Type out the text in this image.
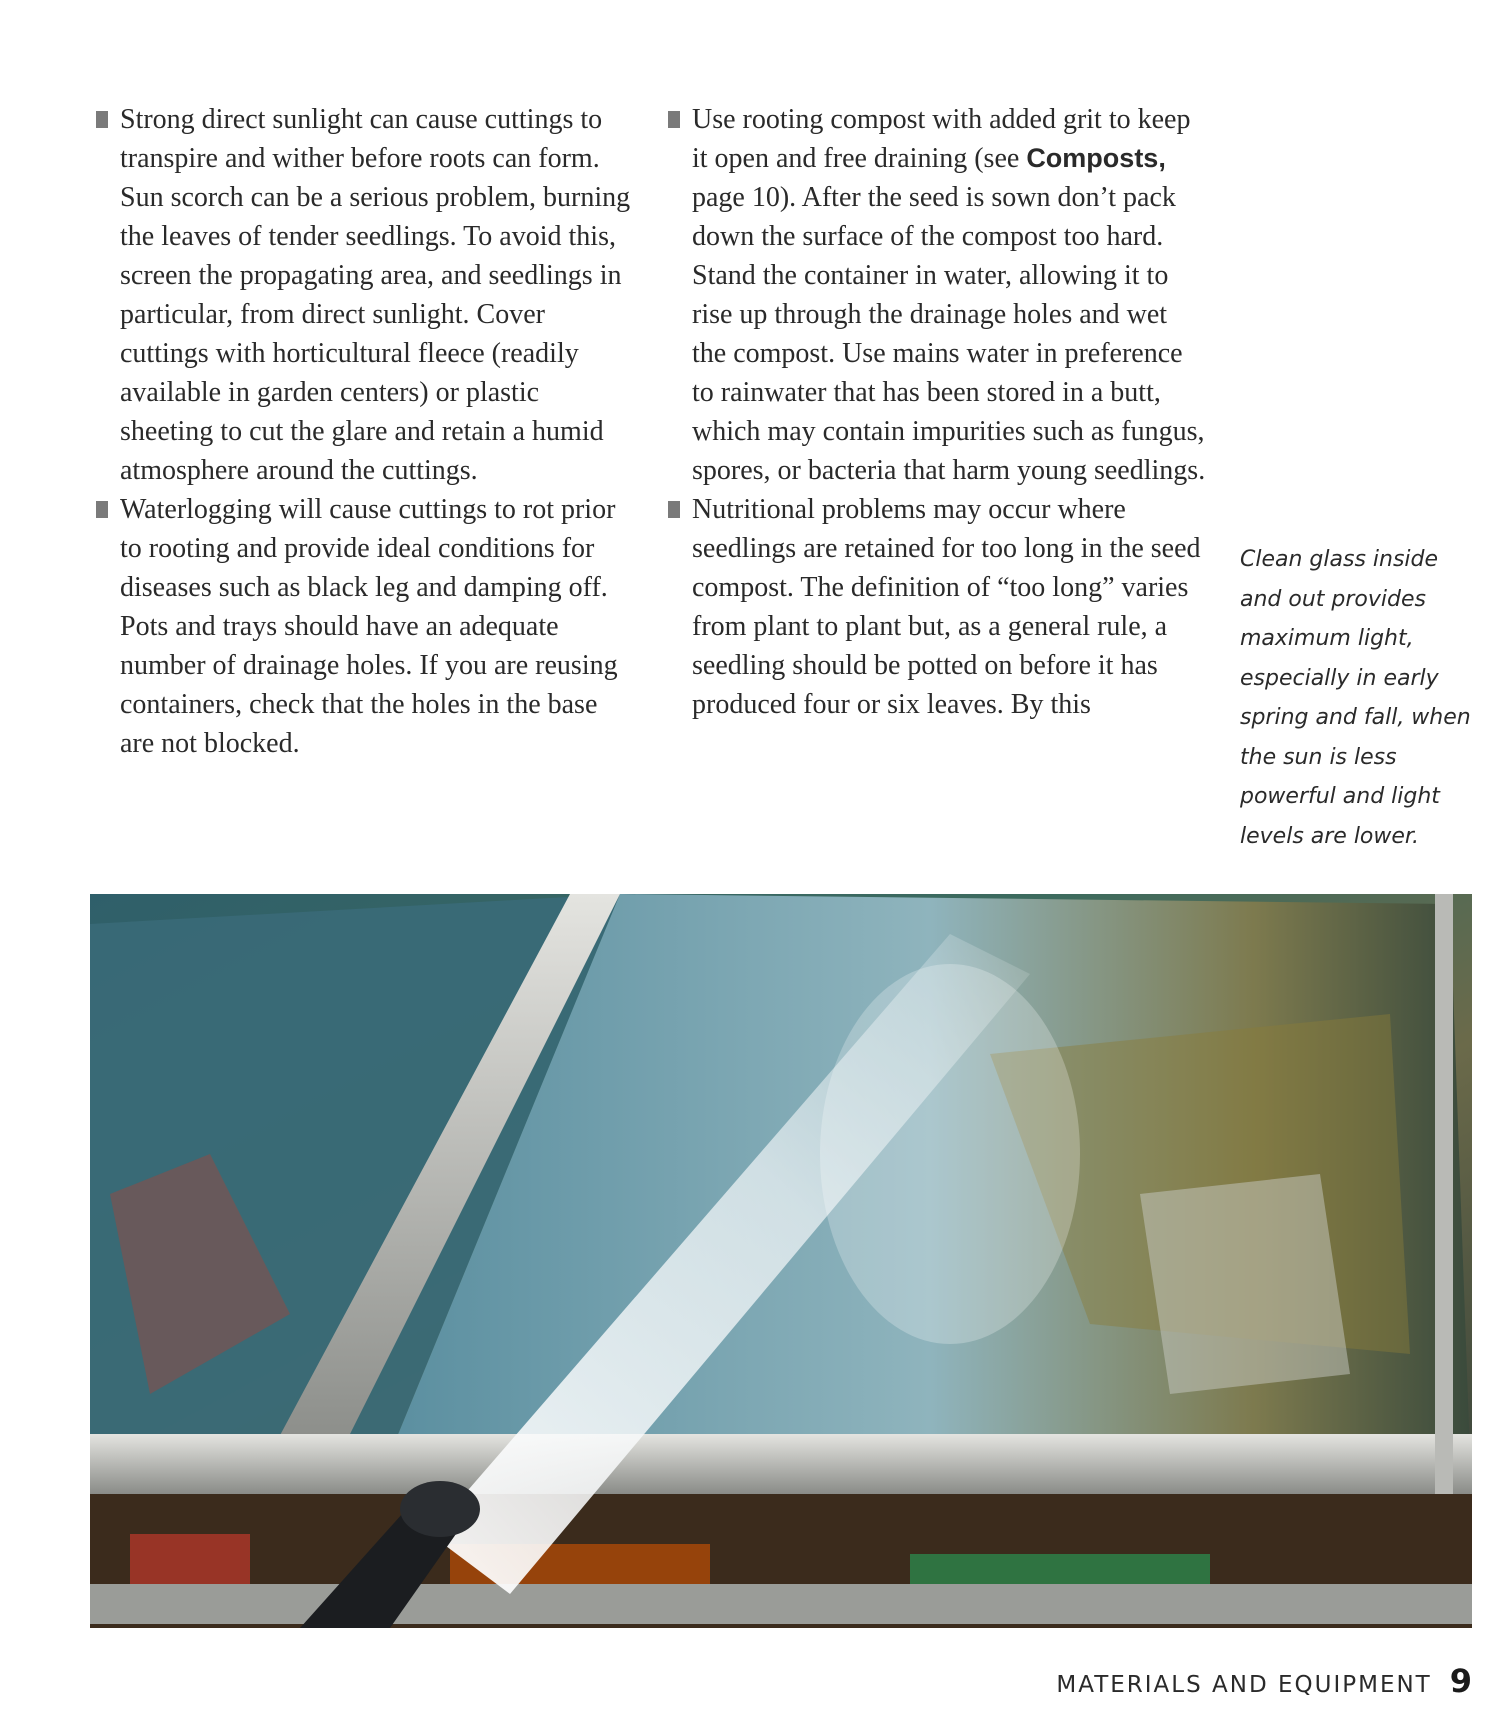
Strong direct sunlight can cause cuttings to transpire and wither before roots can form. Sun scorch can be a serious problem, burning the leaves of tender seedlings. To avoid this, screen the propagating area, and seedlings in particular, from direct sunlight. Cover cuttings with horticultural fleece (readily available in garden centers) or plastic sheeting to cut the glare and retain a humid atmosphere around the cuttings.

Waterlogging will cause cuttings to rot prior to rooting and provide ideal conditions for diseases such as black leg and damping off. Pots and trays should have an adequate number of drainage holes. If you are reusing containers, check that the holes in the base are not blocked.

Use rooting compost with added grit to keep it open and free draining (see Composts, page 10). After the seed is sown don’t pack down the surface of the compost too hard. Stand the container in water, allowing it to rise up through the drainage holes and wet the compost. Use mains water in preference to rainwater that has been stored in a butt, which may contain impurities such as fungus, spores, or bacteria that harm young seedlings.

Nutritional problems may occur where seedlings are retained for too long in the seed compost. The definition of “too long” varies from plant to plant but, as a general rule, a seedling should be potted on before it has produced four or six leaves. By this

Clean glass inside and out provides maximum light, especially in early spring and fall, when the sun is less powerful and light levels are lower.
MATERIALS AND EQUIPMENT 9
